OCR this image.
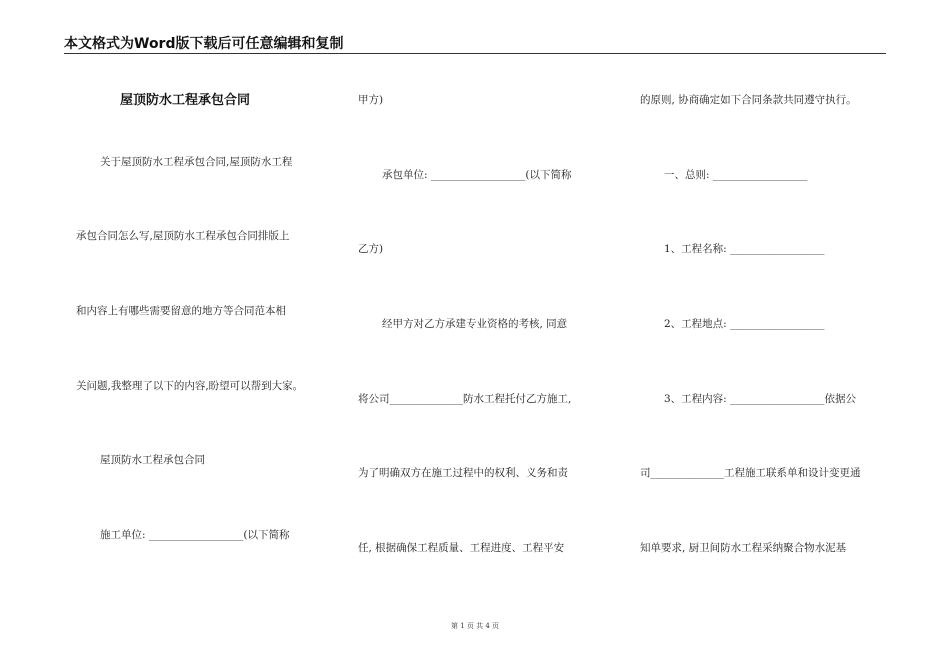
本文格式为Word版下载后可任意编辑和复制
屋顶防水工程承包合同
关于屋顶防水工程承包合同,屋顶防水工程
承包合同怎么写,屋顶防水工程承包合同排版上
和内容上有哪些需要留意的地方等合同范本相
关问题,我整理了以下的内容,盼望可以帮到大家。
屋顶防水工程承包合同
施工单位: __________________(以下简称
甲方)
承包单位: __________________(以下简称
乙方)
经甲方对乙方承建专业资格的考核, 同意
将公司______________防水工程托付乙方施工,
为了明确双方在施工过程中的权利、义务和责
任, 根据确保工程质量、工程进度、工程平安
的原则, 协商确定如下合同条款共同遵守执行。
一、总则: __________________
1、工程名称: __________________
2、工程地点: __________________
3、工程内容: __________________依据公
司______________工程施工联系单和设计变更通
知单要求, 厨卫间防水工程采纳聚合物水泥基
第 1 页 共 4 页
